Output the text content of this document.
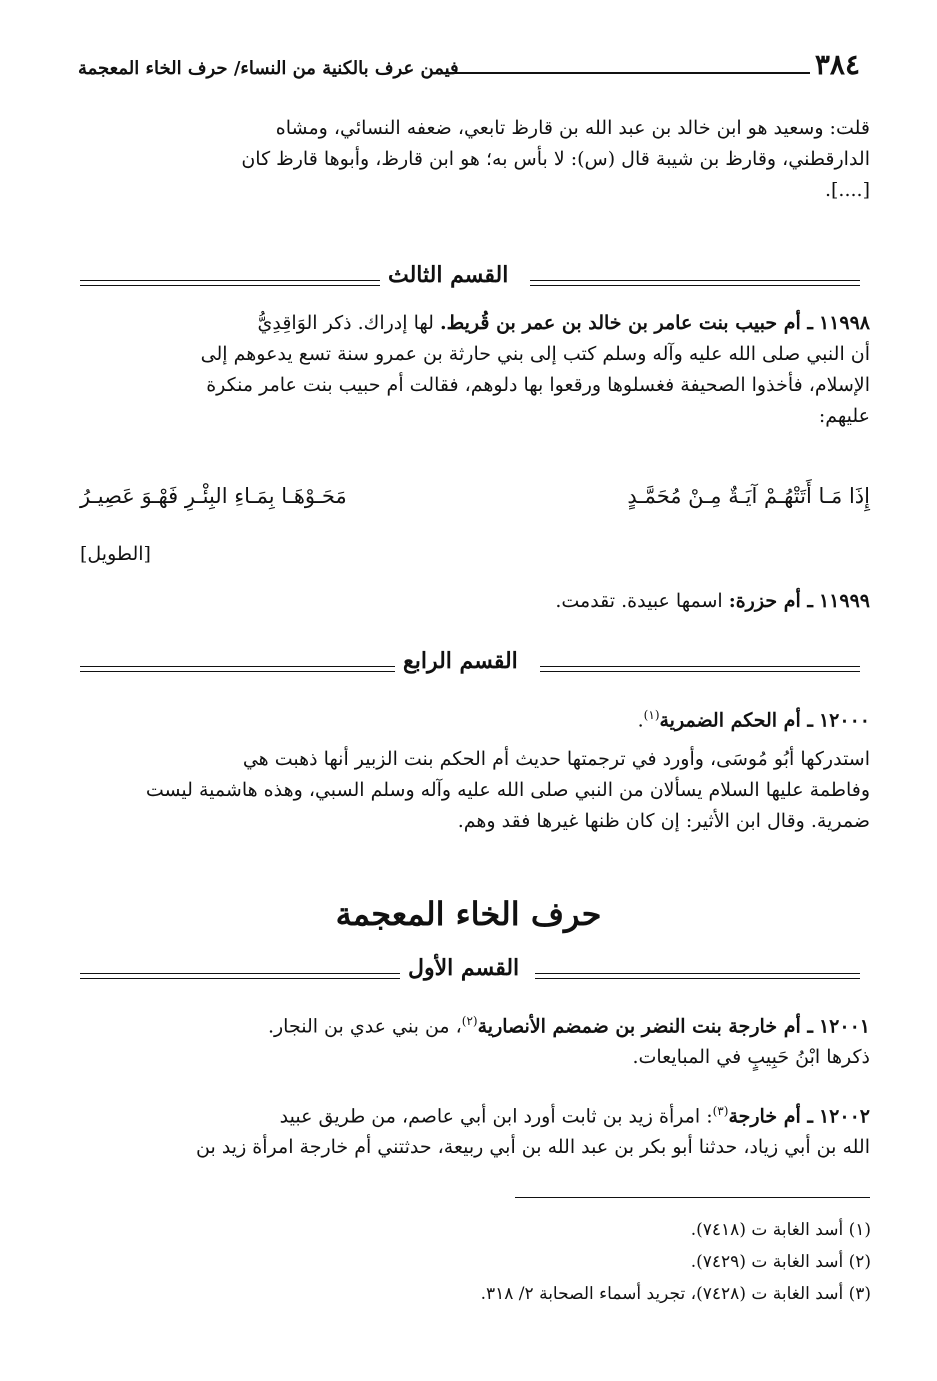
٣٨٤
فيمن عرف بالكنية من النساء/ حرف الخاء المعجمة
قلت: وسعيد هو ابن خالد بن عبد الله بن قارظ تابعي، ضعفه النسائي، ومشاه
الدارقطني، وقارظ بن شيبة قال (س): لا بأس به؛ هو ابن قارظ، وأبوها قارظ كان
[....].
القسم الثالث
١١٩٩٨ ـ أم حبيب بنت عامر بن خالد بن عمر بن قُريط. لها إدراك. ذكر الوَاقِدِيُّ
أن النبي صلى الله عليه وآله وسلم كتب إلى بني حارثة بن عمرو سنة تسع يدعوهم إلى
الإسلام، فأخذوا الصحيفة فغسلوها ورقعوا بها دلوهم، فقالت أم حبيب بنت عامر منكرة
عليهم:
إِذَا مَـا أَتَتْهُـمْ آيَـةٌ مِـنْ مُحَمَّـدٍ
مَحَـوْهَـا بِمَـاءِ البِئْـرِ فَهْـوَ عَصِيـرُ
[الطويل]
١١٩٩٩ ـ أم حزرة: اسمها عبيدة. تقدمت.
القسم الرابع
١٢٠٠٠ ـ أم الحكم الضمرية$^{(١)}$.
استدركها أبُو مُوسَى، وأورد في ترجمتها حديث أم الحكم بنت الزبير أنها ذهبت هي
وفاطمة عليها السلام يسألان من النبي صلى الله عليه وآله وسلم السبي، وهذه هاشمية ليست
ضمرية. وقال ابن الأثير: إن كان ظنها غيرها فقد وهم.
حرف الخاء المعجمة
القسم الأول
١٢٠٠١ ـ أم خارجة بنت النضر بن ضمضم الأنصارية$^{(٢)}$، من بني عدي بن النجار.
ذكرها ابْنُ حَبِيبٍ في المبايعات.
١٢٠٠٢ ـ أم خارجة$^{(٣)}$: امرأة زيد بن ثابت أورد ابن أبي عاصم، من طريق عبيد
الله بن أبي زياد، حدثنا أبو بكر بن عبد الله بن أبي ربيعة، حدثتني أم خارجة امرأة زيد بن
(١) أسد الغابة ت (٧٤١٨).
(٢) أسد الغابة ت (٧٤٢٩).
(٣) أسد الغابة ت (٧٤٢٨)، تجريد أسماء الصحابة ٢/ ٣١٨.
